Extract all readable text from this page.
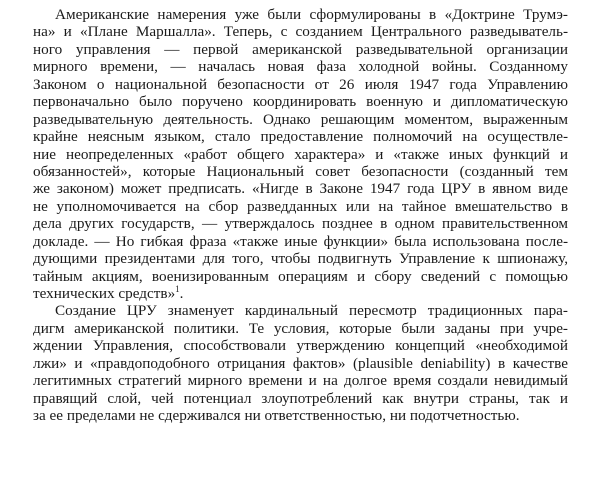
Американские намерения уже были сформулированы в «Доктрине Трумэ-
на» и «Плане Маршалла». Теперь, с созданием Центрального разведыватель-
ного управления — первой американской разведывательной организации
мирного времени, — началась новая фаза холодной войны. Созданному
Законом о национальной безопасности от 26 июля 1947 года Управлению
первоначально было поручено координировать военную и дипломатическую
разведывательную деятельность. Однако решающим моментом, выраженным
крайне неясным языком, стало предоставление полномочий на осуществле-
ние неопределенных «работ общего характера» и «также иных функций и
обязанностей», которые Национальный совет безопасности (созданный тем
же законом) может предписать. «Нигде в Законе 1947 года ЦРУ в явном виде
не уполномочивается на сбор разведданных или на тайное вмешательство в
дела других государств, — утверждалось позднее в одном правительственном
докладе. — Но гибкая фраза «также иные функции» была использована после-
дующими президентами для того, чтобы подвигнуть Управление к шпионажу,
тайным акциям, военизированным операциям и сбору сведений с помощью
технических средств»$^1$.
Создание ЦРУ знаменует кардинальный пересмотр традиционных пара-
дигм американской политики. Те условия, которые были заданы при учре-
ждении Управления, способствовали утверждению концепций «необходимой
лжи» и «правдоподобного отрицания фактов» (plausible deniability) в качестве
легитимных стратегий мирного времени и на долгое время создали невидимый
правящий слой, чей потенциал злоупотреблений как внутри страны, так и
за ее пределами не сдерживался ни ответственностью, ни подотчетностью.
